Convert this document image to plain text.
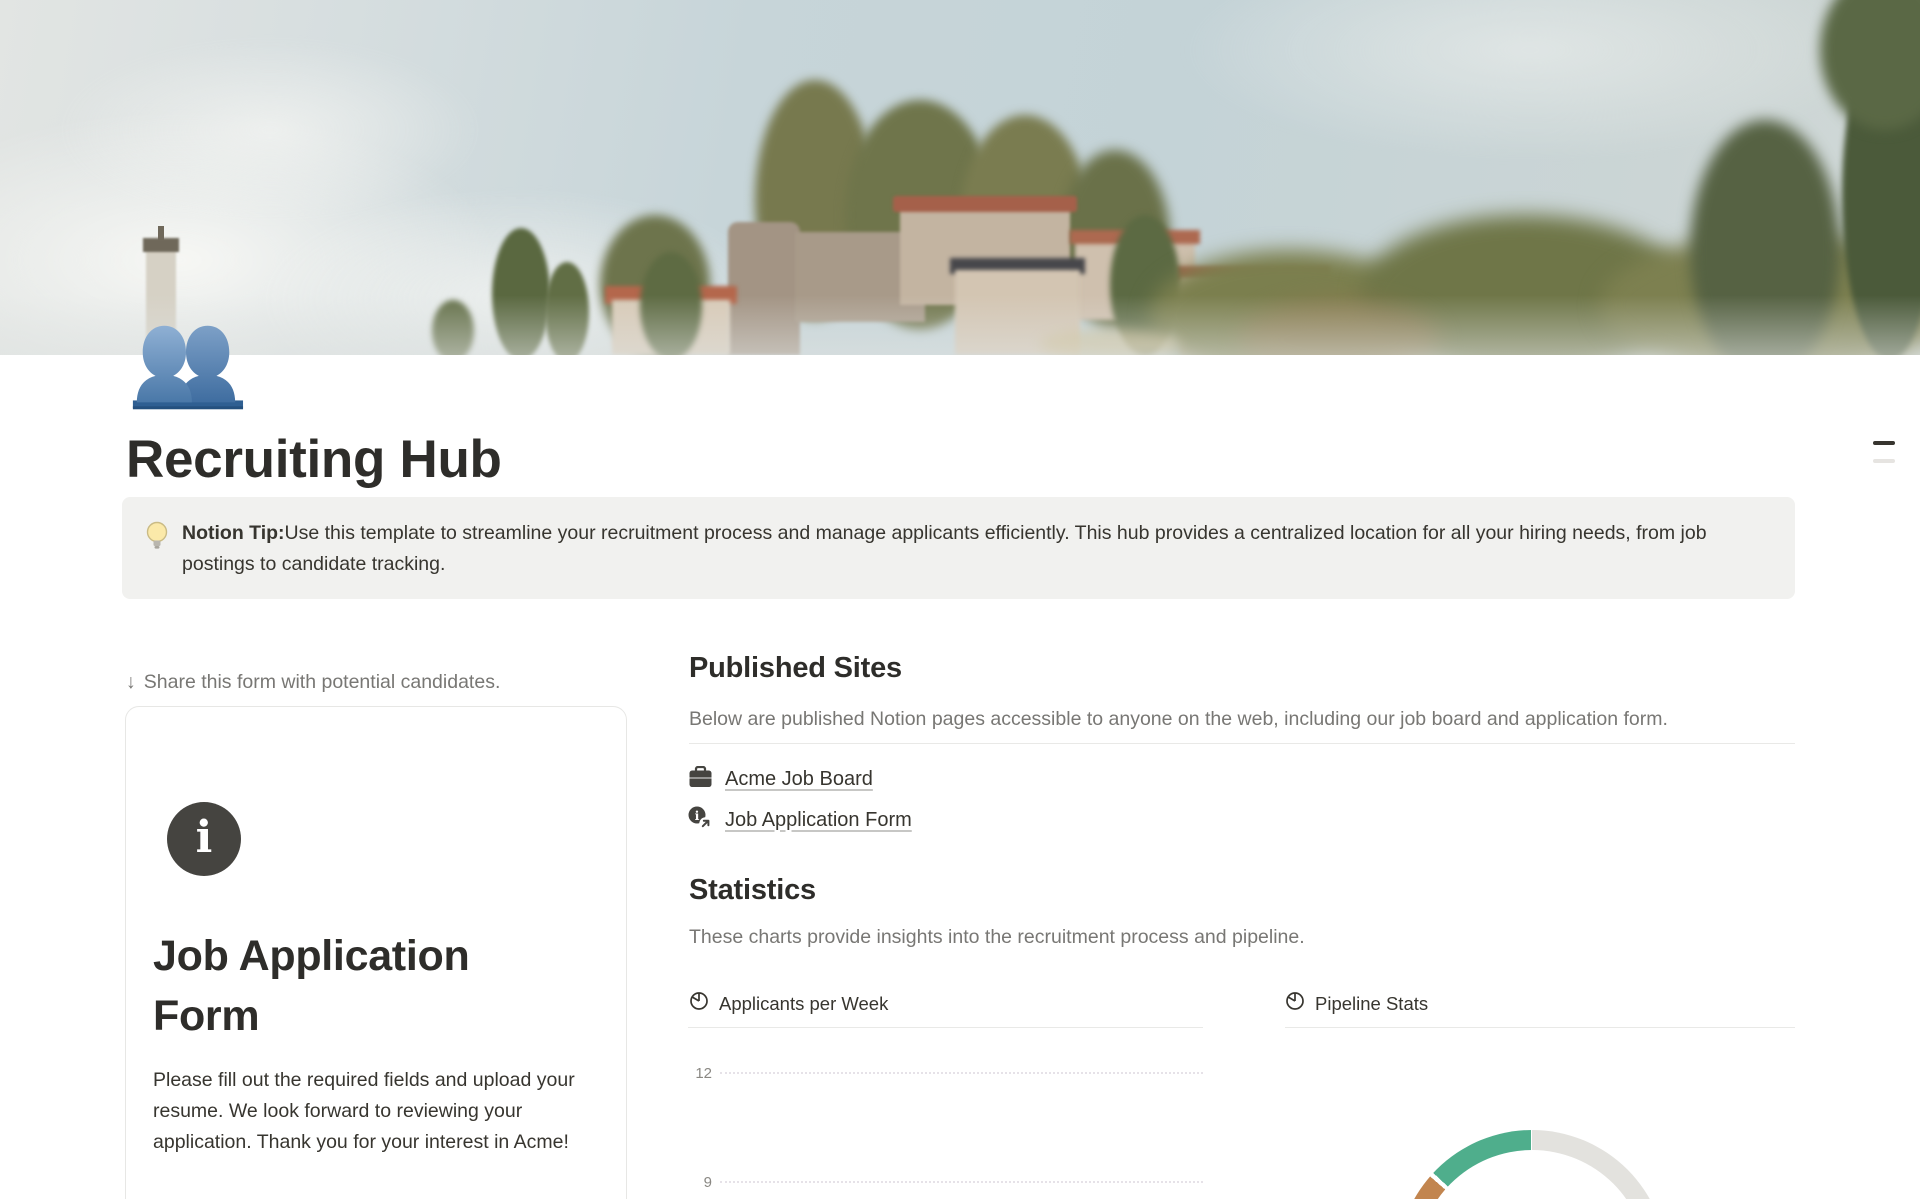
Recruiting Hub
Notion Tip:Use this template to streamline your recruitment process and manage applicants efficiently. This hub provides a centralized location for all your hiring needs, from job postings to candidate tracking.
↓ Share this form with potential candidates.
i
Job Application Form
Please fill out the required fields and upload your resume. We look forward to reviewing your application. Thank you for your interest in Acme!
Published Sites
Below are published Notion pages accessible to anyone on the web, including our job board and application form.
Acme Job Board
i Job Application Form
Statistics
These charts provide insights into the recruitment process and pipeline.
Applicants per Week	Pipeline Stats
12
9
